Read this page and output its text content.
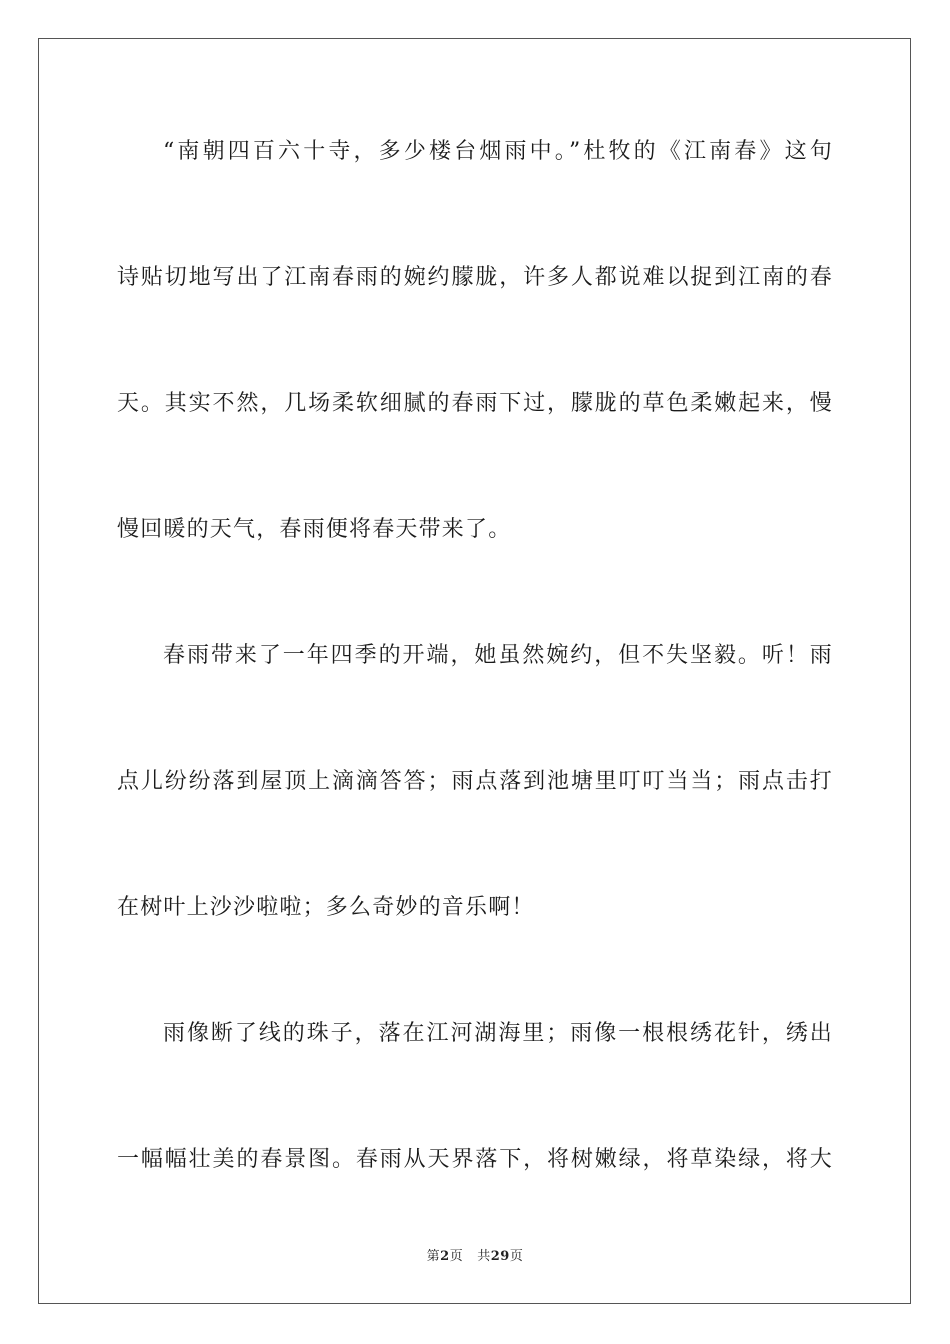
“南朝四百六十寺，多少楼台烟雨中。”杜牧的《江南春》这句
诗贴切地写出了江南春雨的婉约朦胧，许多人都说难以捉到江南的春
天。其实不然，几场柔软细腻的春雨下过，朦胧的草色柔嫩起来，慢
慢回暖的天气，春雨便将春天带来了。
春雨带来了一年四季的开端，她虽然婉约，但不失坚毅。听！雨
点儿纷纷落到屋顶上滴滴答答；雨点落到池塘里叮叮当当；雨点击打
在树叶上沙沙啦啦；多么奇妙的音乐啊！
雨像断了线的珠子，落在江河湖海里；雨像一根根绣花针，绣出
一幅幅壮美的春景图。春雨从天界落下，将树嫩绿，将草染绿，将大
第2页 共29页
